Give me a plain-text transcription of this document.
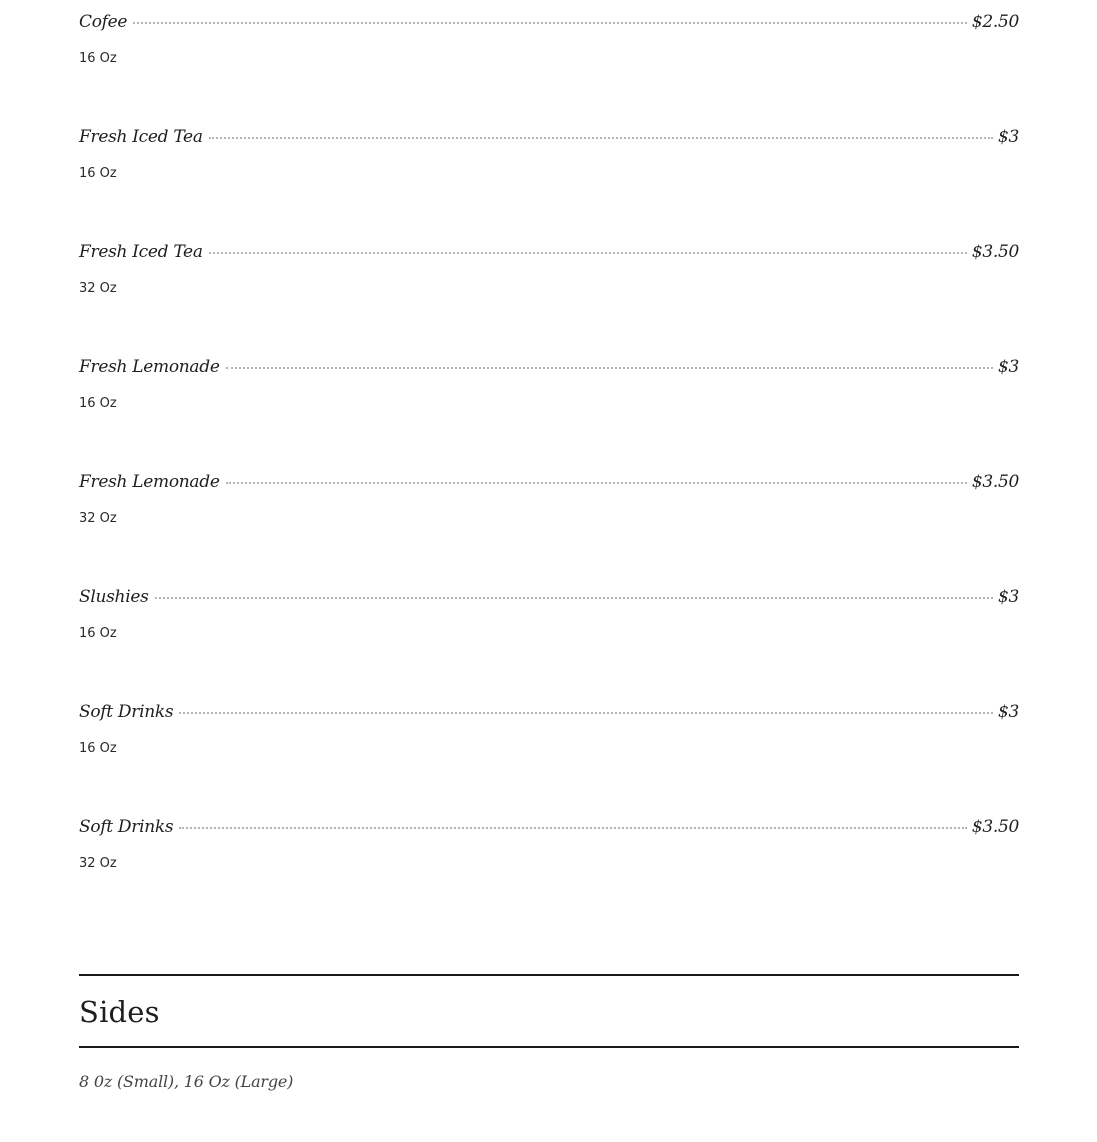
Cofee	$2.50
16 Oz
Fresh Iced Tea	$3
16 Oz
Fresh Iced Tea	$3.50
32 Oz
Fresh Lemonade	$3
16 Oz
Fresh Lemonade	$3.50
32 Oz
Slushies	$3
16 Oz
Soft Drinks	$3
16 Oz
Soft Drinks	$3.50
32 Oz
Sides
8 0z (Small), 16 Oz (Large)
